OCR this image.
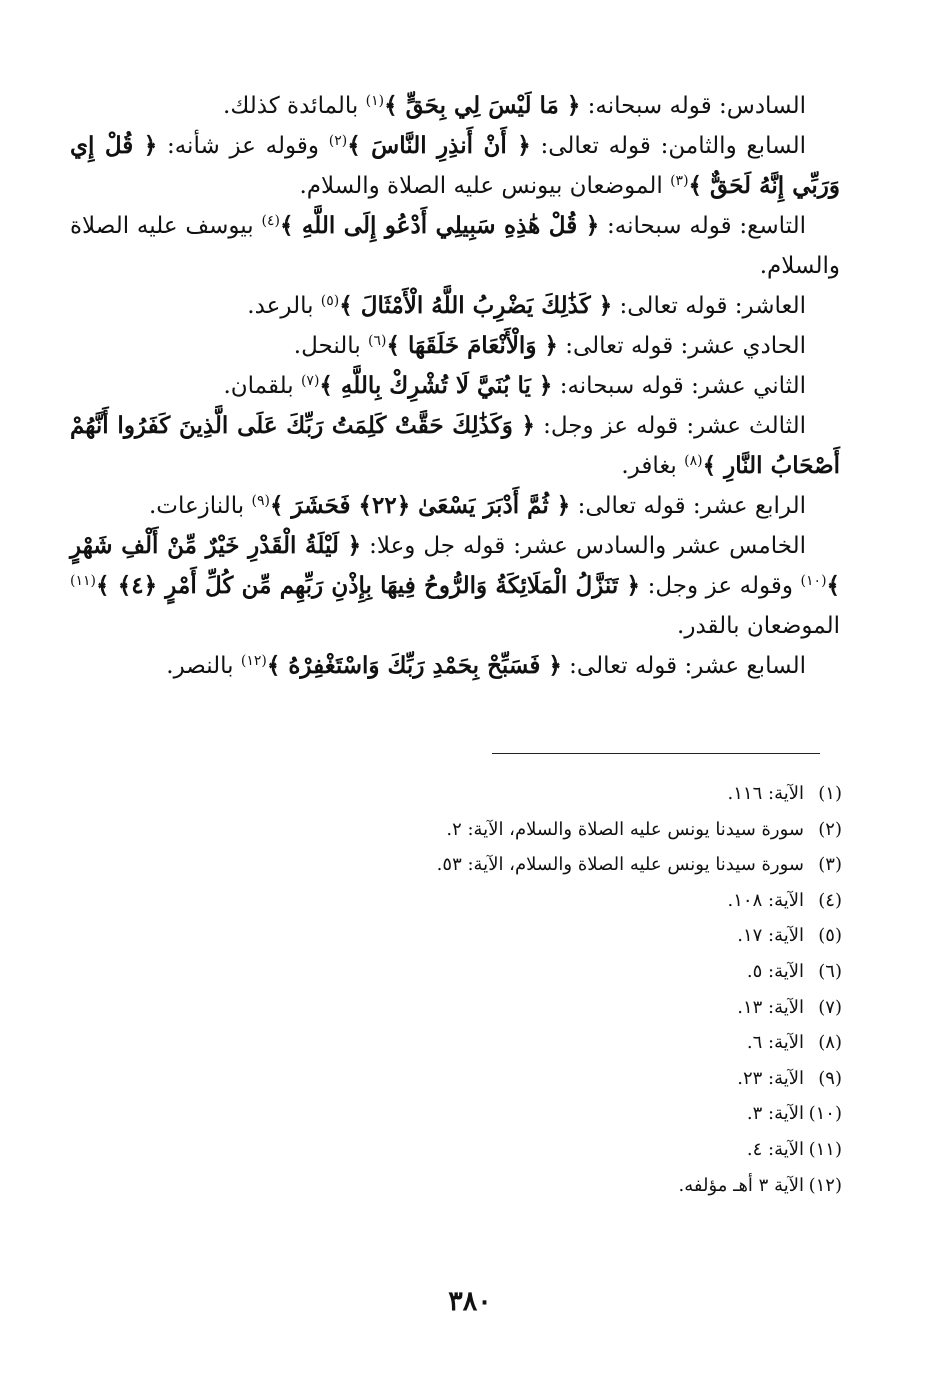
السادس: قوله سبحانه: ﴿ مَا لَيْسَ لِي بِحَقٍّ ﴾$^{(١)}$ بالمائدة كذلك.

السابع والثامن: قوله تعالى: ﴿ أَنْ أَنذِرِ النَّاسَ ﴾$^{(٢)}$ وقوله عز شأنه: ﴿ قُلْ إِي وَرَبِّي إِنَّهُ لَحَقٌّ ﴾$^{(٣)}$ الموضعان بيونس عليه الصلاة والسلام.

التاسع: قوله سبحانه: ﴿ قُلْ هَٰذِهِ سَبِيلِي أَدْعُو إِلَى اللَّهِ ﴾$^{(٤)}$ بيوسف عليه الصلاة والسلام.

العاشر: قوله تعالى: ﴿ كَذَٰلِكَ يَضْرِبُ اللَّهُ الْأَمْثَالَ ﴾$^{(٥)}$ بالرعد.

الحادي عشر: قوله تعالى: ﴿ وَالْأَنْعَامَ خَلَقَهَا ﴾$^{(٦)}$ بالنحل.

الثاني عشر: قوله سبحانه: ﴿ يَا بُنَيَّ لَا تُشْرِكْ بِاللَّهِ ﴾$^{(٧)}$ بلقمان.

الثالث عشر: قوله عز وجل: ﴿ وَكَذَٰلِكَ حَقَّتْ كَلِمَتُ رَبِّكَ عَلَى الَّذِينَ كَفَرُوا أَنَّهُمْ أَصْحَابُ النَّارِ ﴾$^{(٨)}$ بغافر.

الرابع عشر: قوله تعالى: ﴿ ثُمَّ أَدْبَرَ يَسْعَىٰ ﴿٢٢﴾ فَحَشَرَ ﴾$^{(٩)}$ بالنازعات.

الخامس عشر والسادس عشر: قوله جل وعلا: ﴿ لَيْلَةُ الْقَدْرِ خَيْرٌ مِّنْ أَلْفِ شَهْرٍ ﴾$^{(١٠)}$ وقوله عز وجل: ﴿ تَنَزَّلُ الْمَلَائِكَةُ وَالرُّوحُ فِيهَا بِإِذْنِ رَبِّهِم مِّن كُلِّ أَمْرٍ ﴿٤﴾ ﴾$^{(١١)}$ الموضعان بالقدر.

السابع عشر: قوله تعالى: ﴿ فَسَبِّحْ بِحَمْدِ رَبِّكَ وَاسْتَغْفِرْهُ ﴾$^{(١٢)}$ بالنصر.

(١)الآية: ١١٦.
(٢)سورة سيدنا يونس عليه الصلاة والسلام، الآية: ٢.
(٣)سورة سيدنا يونس عليه الصلاة والسلام، الآية: ٥٣.
(٤)الآية: ١٠٨.
(٥)الآية: ١٧.
(٦)الآية: ٥.
(٧)الآية: ١٣.
(٨)الآية: ٦.
(٩)الآية: ٢٣.
(١٠)الآية: ٣.
(١١)الآية: ٤.
(١٢)الآية ٣ أهـ مؤلفه.
٣٨٠
